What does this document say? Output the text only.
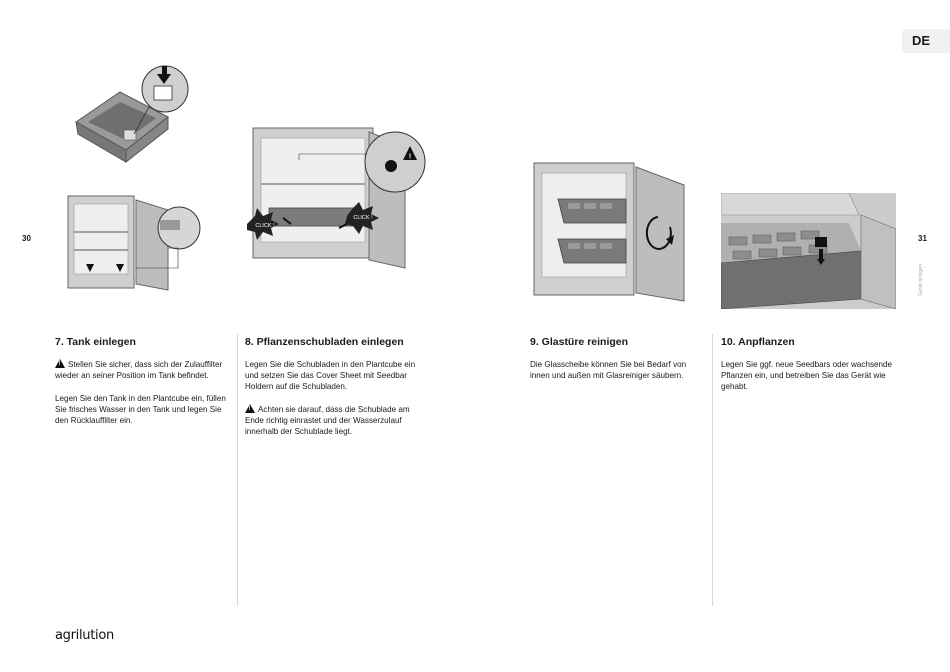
DE
30	31
Gerät reinigen
!
CLICK !
CLICK !
7. Tank einlegen

!Stellen Sie sicher, dass sich der Zulauffilter wieder an seiner Position im Tank befindet.

Legen Sie den Tank in den Plantcube ein, füllen Sie frisches Wasser in den Tank und legen Sie den Rücklauffilter ein.

8. Pflanzenschubladen einlegen

Legen Sie die Schubladen in den Plantcube ein und setzen Sie das Cover Sheet mit Seedbar Holdern auf die Schubladen.

!Achten sie darauf, dass die Schublade am Ende richtig einrastet und der Wasserzulauf innerhalb der Schublade liegt.

9. Glastüre reinigen

Die Glasscheibe können Sie bei Bedarf von innen und außen mit Glasreiniger säubern.

10. Anpflanzen

Legen Sie ggf. neue Seedbars oder wachsende Pflanzen ein, und betreiben Sie das Gerät wie gehabt.

agrilution
